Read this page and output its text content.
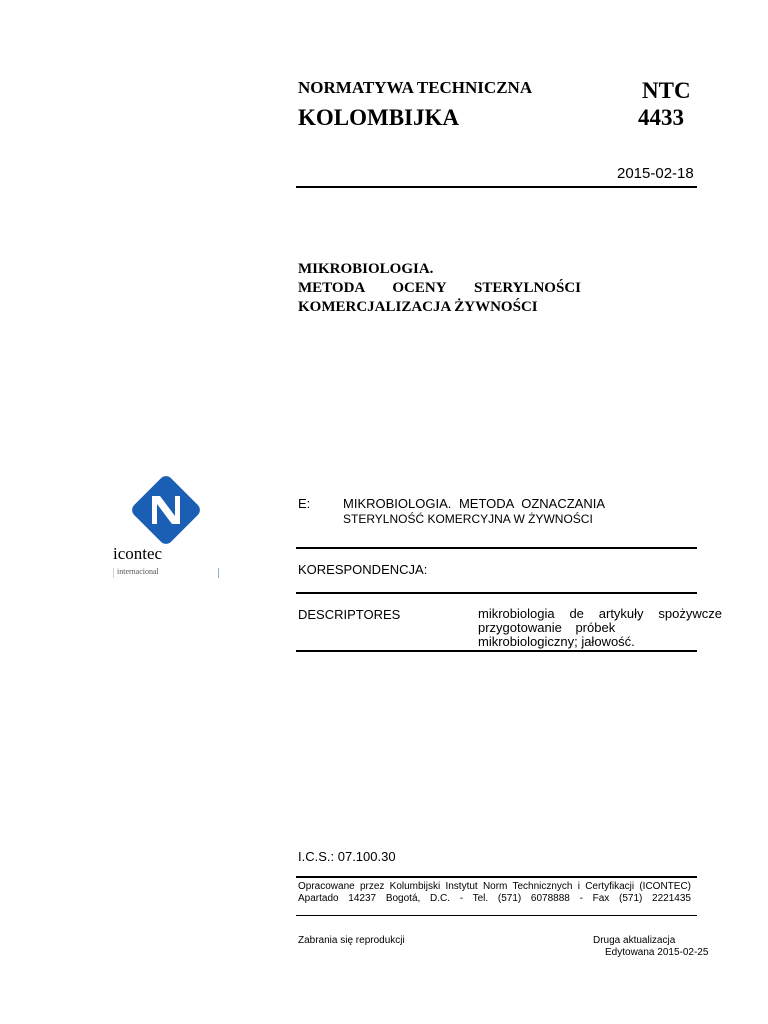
NORMATYWA TECHNICZNA
KOLOMBIJKA
NTC
4433
2015-02-18
MIKROBIOLOGIA.
METODA OCENY STERYLNOŚCI
KOMERCJALIZACJA ŻYWNOŚCI
icontec
internacional
E:	MIKROBIOLOGIA. METODA OZNACZANIA
STERYLNOŚĆ KOMERCYJNA W ŻYWNOŚCI
KORESPONDENCJA:
DESCRIPTORES	mikrobiologia de artykuły spożywcze
przygotowanie próbek
mikrobiologiczny; jałowość.
I.C.S.: 07.100.30
Opracowane przez Kolumbijski Instytut Norm Technicznych i Certyfikacji (ICONTEC)
Apartado 14237 Bogotá, D.C. - Tel. (571) 6078888 - Fax (571) 2221435
Zabrania się reprodukcji	Druga aktualizacja
Edytowana 2015-02-25
